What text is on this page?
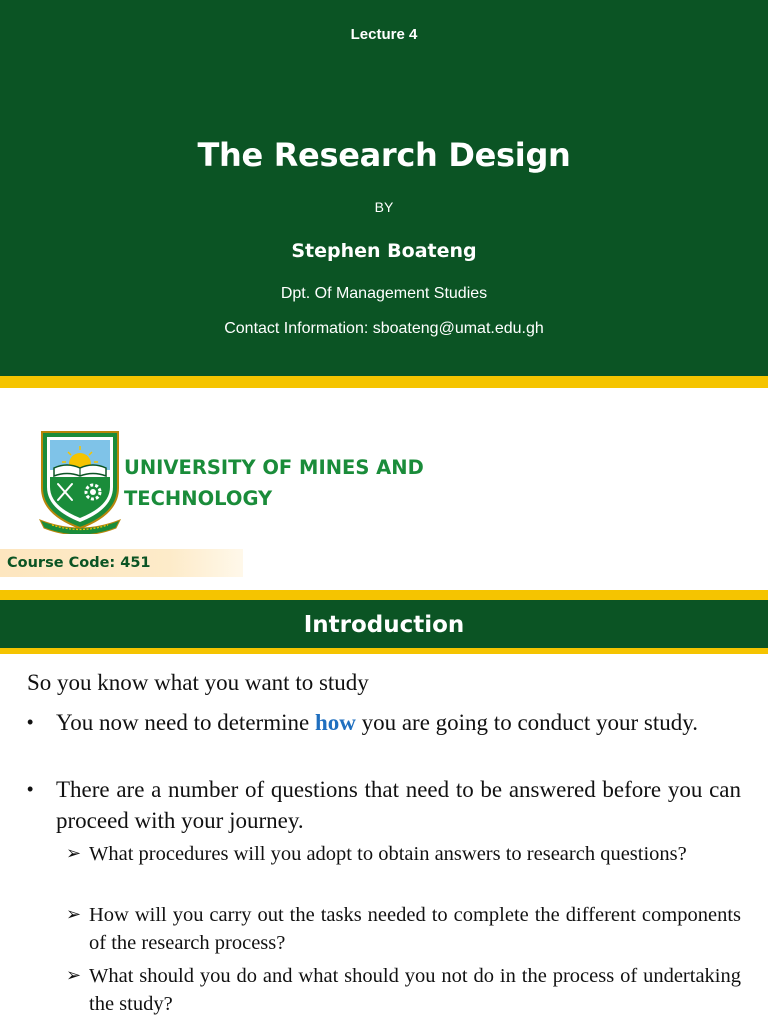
Lecture 4
The Research Design
BY
Stephen Boateng
Dpt. Of Management Studies
Contact Information: sboateng@umat.edu.gh
UNIVERSITY OF MINES AND
TECHNOLOGY
Course Code: 451
Introduction
So you know what you want to study
• You now need to determine how you are going to conduct your study.
• There are a number of questions that need to be answered before you can proceed with your journey.
➢ What procedures will you adopt to obtain answers to research questions?
➢ How will you carry out the tasks needed to complete the different components of the research process?
➢ What should you do and what should you not do in the process of undertaking the study?
